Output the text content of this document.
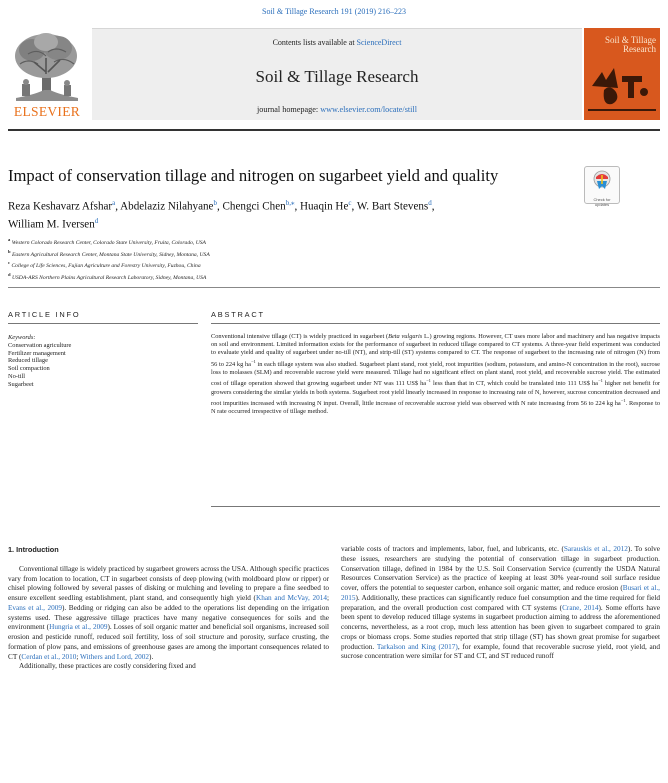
Soil & Tillage Research 191 (2019) 216–223
ELSEVIER
Contents lists available at ScienceDirect
Soil & Tillage Research
journal homepage: www.elsevier.com/locate/still
Soil & Tillage
Research
Impact of conservation tillage and nitrogen on sugarbeet yield and quality
Check for
updates
Reza Keshavarz Afshar$^a$, Abdelaziz Nilahyane$^b$, Chengci Chen$^{b,⁎}$, Huaqin He$^c$, W. Bart Stevens$^d$,
William M. Iversen$^d$
$^a$ Western Colorado Research Center, Colorado State University, Fruita, Colorado, USA
$^b$ Eastern Agricultural Research Center, Montana State University, Sidney, Montana, USA
$^c$ College of Life Sciences, Fujian Agriculture and Forestry University, Fuzhou, China
$^d$ USDA-ARS Northern Plains Agricultural Research Laboratory, Sidney, Montana, USA
ARTICLE INFO	ABSTRACT
Keywords:
Conservation agriculture
Fertilizer management
Reduced tillage
Soil compaction
No-till
Sugarbeet
Conventional intensive tillage (CT) is widely practiced in sugarbeet (Beta vulgaris L.) growing regions. However, CT uses more labor and machinery and has negative impacts on soil and environment. Limited information exists for the performance of sugarbeet in reduced tillage compared to CT systems. A three-year field experiment was conducted to evaluate yield and quality of sugarbeet under no-till (NT), and strip-till (ST) systems compared to CT. The response of sugarbeet to the increasing rate of nitrogen (N) from 56 to 224 kg $ha^{-1}$ in each tillage system was also studied. Sugarbeet plant stand, root yield, root impurities (sodium, potassium, and amino-N concentration in the root), sucrose loss to molasses (SLM) and recoverable sucrose yield were measured. Tillage had no significant effect on plant stand, root yield, and recoverable sucrose yield. The estimated cost of tillage operation showed that growing sugarbeet under NT was 111 US$ $ha^{-1}$ less than that in CT, which could be translated into 111 US$ $ha^{-1}$ higher net benefit for growers considering the similar yields in both systems. Sugarbeet root yield linearly increased in response to increasing rate of N, however, sucrose concentration decreased and root impurities increased with increasing N input. Overall, little increase of recoverable sucrose yield was observed with N rate increasing from 56 to 224 kg $ha^{-1}$. Response to N rate occurred irrespective of tillage method.
1. Introduction
Conventional tillage is widely practiced by sugarbeet growers across the USA. Although specific practices vary from location to location, CT in sugarbeet consists of deep plowing (with moldboard plow or ripper) or chisel plowing followed by several passes of disking or mulching and leveling to prepare a fine seedbed to ensure excellent seedling establishment, plant stand, and consequently high yield (Khan and McVay, 2014; Evans et al., 2009). Bedding or ridging can also be added to the operations list depending on the irrigation systems used. These aggressive tillage practices have many negative consequences for soils and the environment (Hungria et al., 2009). Losses of soil organic matter and beneficial soil organisms, increased soil erosion and pesticide runoff, reduced soil fertility, loss of soil structure and porosity, surface crusting, the formation of plow pans, and emissions of greenhouse gases are among the important consequences related to CT (Cerdan et al., 2010; Withers and Lord, 2002).
Additionally, these practices are costly considering fixed and
variable costs of tractors and implements, labor, fuel, and lubricants, etc. (Sarauskis et al., 2012). To solve these issues, researchers are studying the potential of conservation tillage in sugarbeet production. Conservation tillage, defined in 1984 by the U.S. Soil Conservation Service (currently the USDA Natural Resources Conservation Service) as the practice of keeping at least 30% year-round soil surface residue cover, offers the potential to sequester carbon, enhance soil organic matter, and reduce erosion (Busari et al., 2015). Additionally, these practices can significantly reduce fuel consumption and the time required for field preparation, and the overall production cost compared with CT systems (Crane, 2014). Some efforts have been spent to develop reduced tillage systems in sugarbeet production aiming to address the aforementioned concerns, nevertheless, as a root crop, much less attention has been given to sugarbeet compared to grain crops or biomass crops. Some studies reported that strip tillage (ST) has shown great promise for sugarbeet production. Tarkalson and King (2017), for example, found that recoverable sucrose yield, root yield, and sucrose concentration were similar for ST and CT, and ST reduced runoff
